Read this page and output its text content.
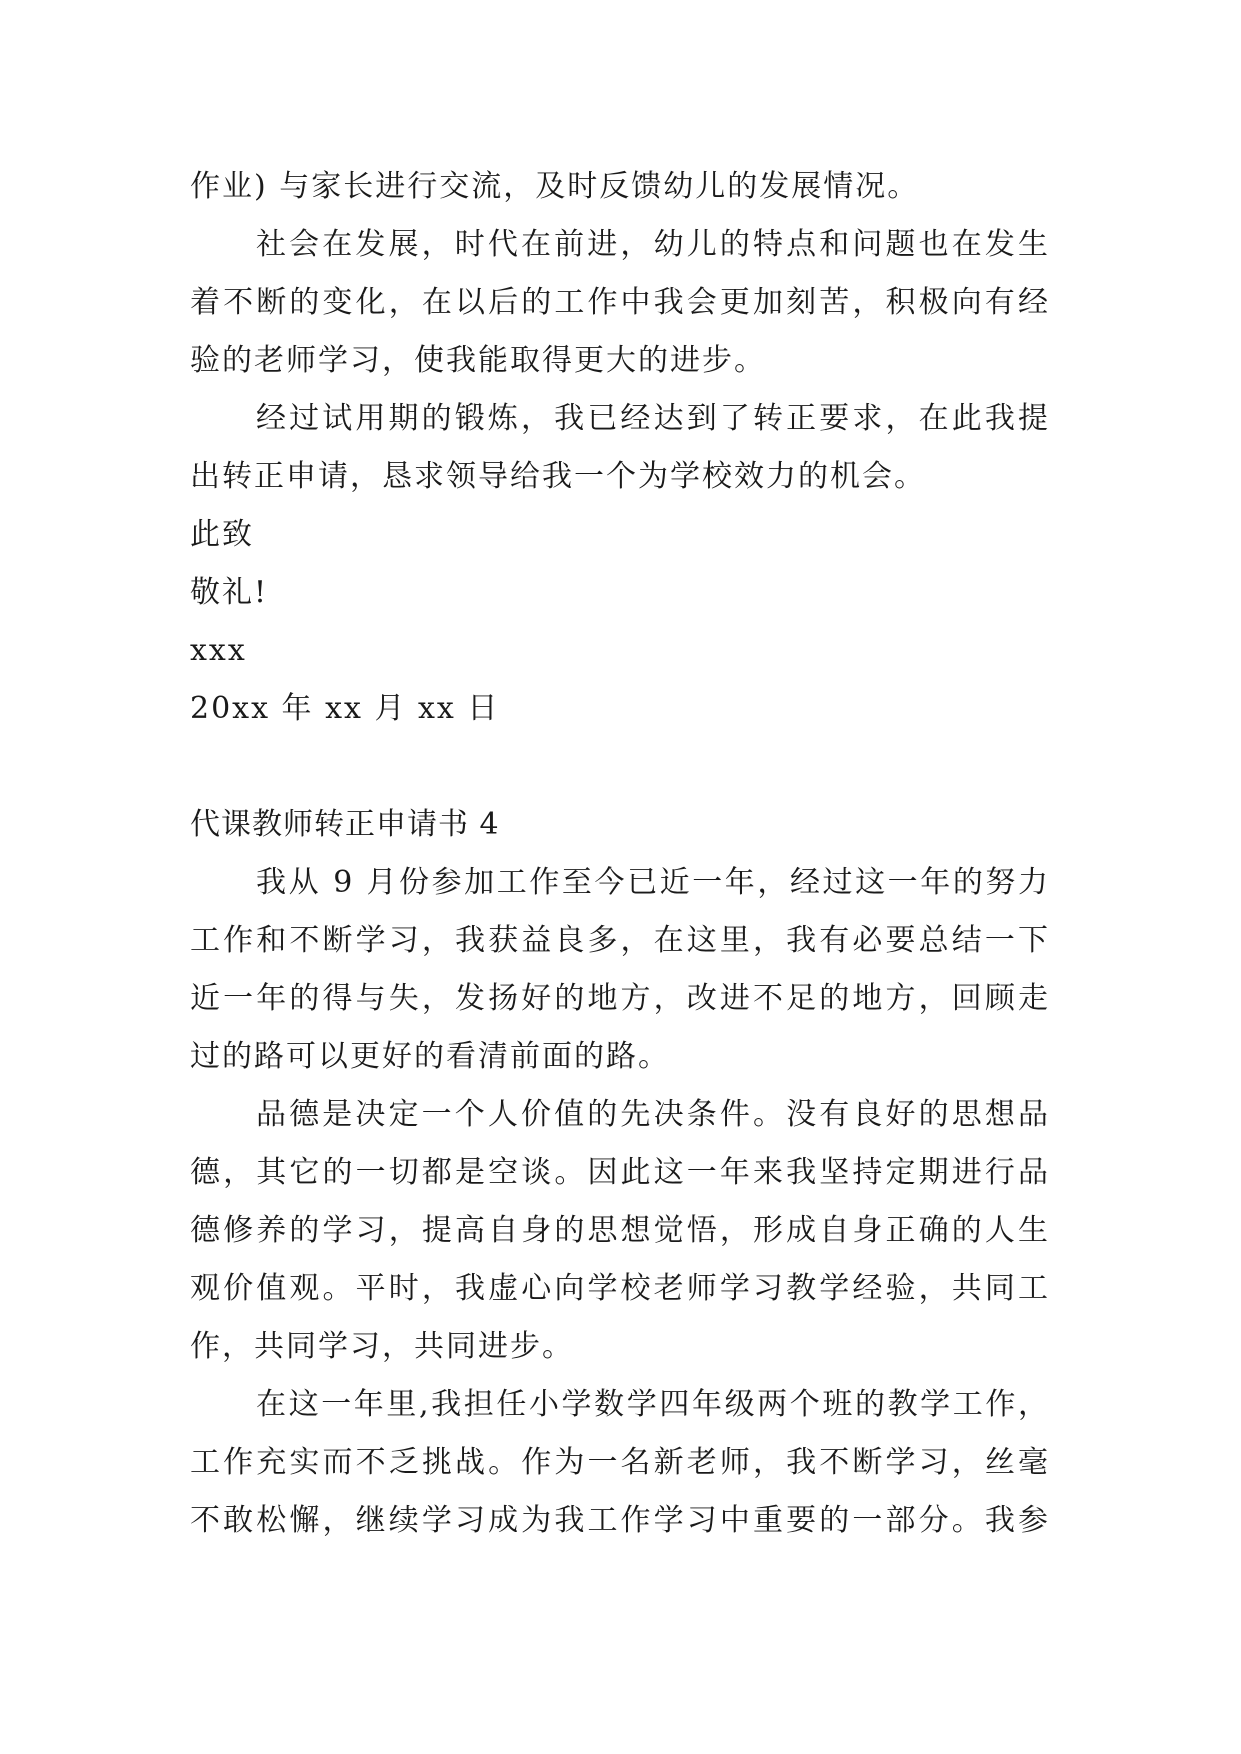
作业) 与家长进行交流，及时反馈幼儿的发展情况。
社会在发展，时代在前进，幼儿的特点和问题也在发生
着不断的变化，在以后的工作中我会更加刻苦，积极向有经
验的老师学习，使我能取得更大的进步。
经过试用期的锻炼，我已经达到了转正要求，在此我提
出转正申请，恳求领导给我一个为学校效力的机会。
此致
敬礼!
xxx
20xx 年 xx 月 xx 日
代课教师转正申请书 4
我从 9 月份参加工作至今已近一年，经过这一年的努力
工作和不断学习，我获益良多，在这里，我有必要总结一下
近一年的得与失，发扬好的地方，改进不足的地方，回顾走
过的路可以更好的看清前面的路。
品德是决定一个人价值的先决条件。没有良好的思想品
德，其它的一切都是空谈。因此这一年来我坚持定期进行品
德修养的学习，提高自身的思想觉悟，形成自身正确的人生
观价值观。平时，我虚心向学校老师学习教学经验，共同工
作，共同学习，共同进步。
在这一年里,我担任小学数学四年级两个班的教学工作，
工作充实而不乏挑战。作为一名新老师，我不断学习，丝毫
不敢松懈，继续学习成为我工作学习中重要的一部分。我参
